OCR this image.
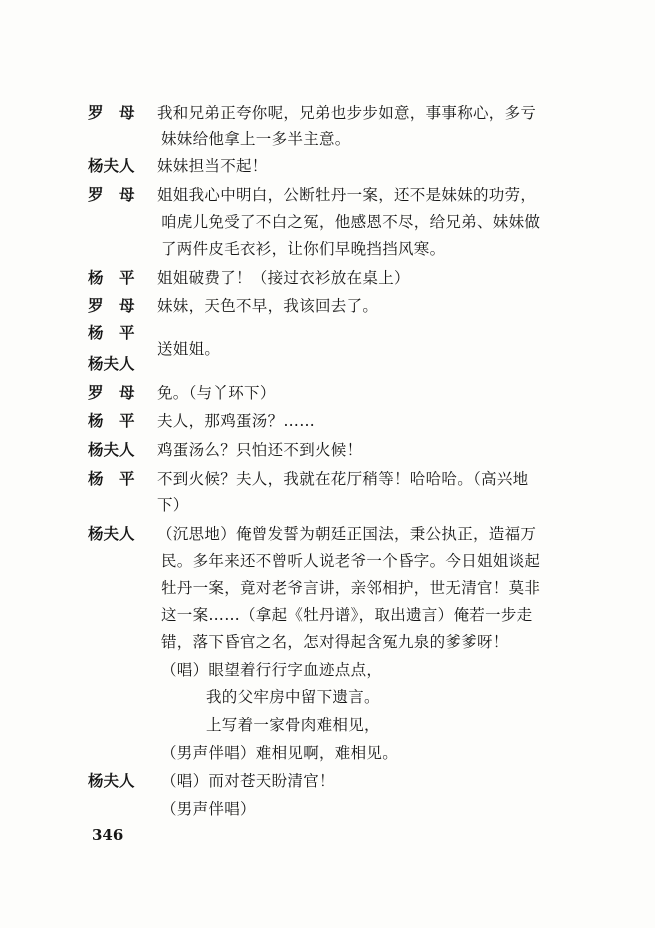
罗　母 我和兄弟正夸你呢，兄弟也步步如意，事事称心，多亏
妹妹给他拿上一多半主意。
杨夫人 妹妹担当不起！
罗　母 姐姐我心中明白，公断牡丹一案，还不是妹妹的功劳，
咱虎儿免受了不白之冤，他感恩不尽，给兄弟、妹妹做
了两件皮毛衣衫，让你们早晚挡挡风寒。
杨　平 姐姐破费了！（接过衣衫放在桌上）
罗　母 妹妹，天色不早，我该回去了。
杨　平
杨夫人
送姐姐。
罗　母 免。（与丫环下）
杨　平 夫人，那鸡蛋汤？……
杨夫人 鸡蛋汤么？只怕还不到火候！
杨　平 不到火候？夫人，我就在花厅稍等！哈哈哈。（高兴地
下）
杨夫人 （沉思地）俺曾发誓为朝廷正国法，秉公执正，造福万
民。多年来还不曾听人说老爷一个昏字。今日姐姐谈起
牡丹一案，竟对老爷言讲，亲邻相护，世无清官！莫非
这一案……（拿起《牡丹谱》，取出遗言）俺若一步走
错，落下昏官之名，怎对得起含冤九泉的爹爹呀！
（唱）眼望着行行字血迹点点，
我的父牢房中留下遗言。
上写着一家骨肉难相见，
（男声伴唱）难相见啊，难相见。
杨夫人 （唱）而对苍天盼清官！
（男声伴唱）
346
